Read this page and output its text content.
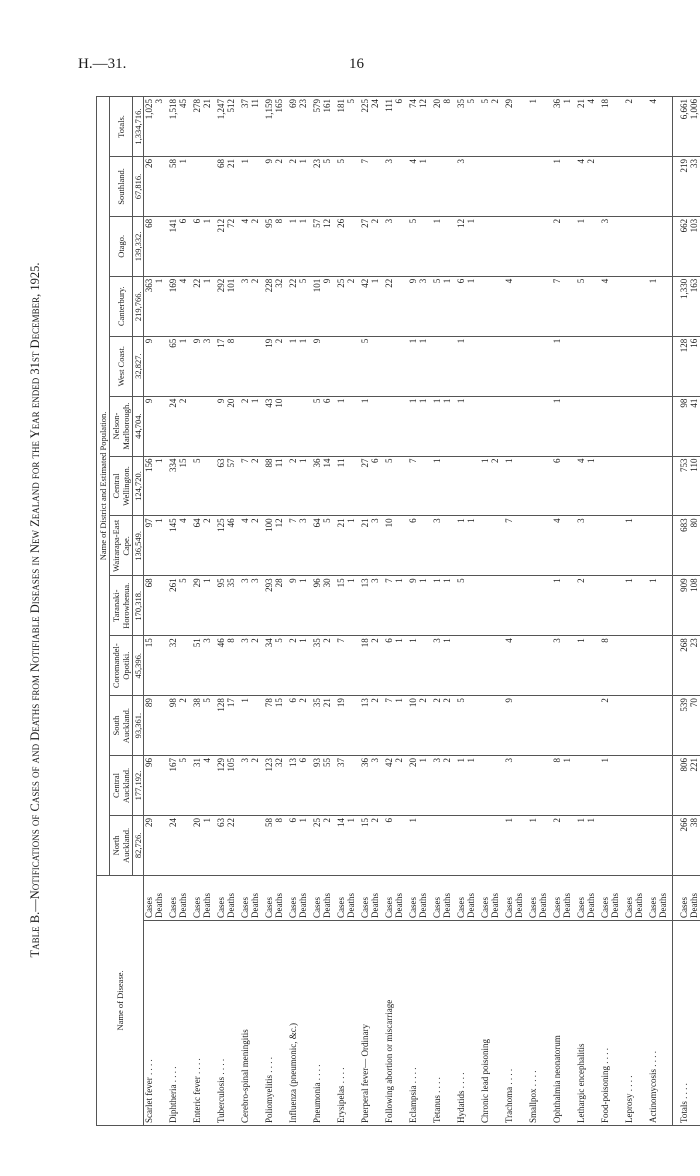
H.—31.	16
Table B.—Notifications of Cases of and Deaths from Notifiable Diseases in New Zealand for the Year ended 31st December, 1925.
Name of Disease.		Name of District and Estimated Population.												
		North Auckland.	Central Auckland.	South Auckland.	Coromandel-Opotiki.	Taranaki-Horowhenua.	Wairarapa-East Cape.	Central Wellington.	Nelson-Marlborough.	West Coast.	Canterbury.	Otago.	Southland.	Totals.
		82,726.	177,192.	93,361.	45,396.	170,318.	136,549.	124,720.	44,704.	32,827.	219,766.	139,332.	67,816.	1,334,716.
Scarlet fever . . . .	Cases Deaths	29	96	89	15	68	97 1	156 1	9	9	363 1	68	26	1,025 3

Diphtheria . . . .	Cases Deaths	24	167 5	98 2	32	261 5	145 4	334 15	24 2	65 1	169 4	141 6	58 1	1,518 45

Enteric fever . . . .	Cases Deaths	20 1	31 4	38 5	51 3	29 1	64 2	5		9 3	22 1	6 1		278 21

Tuberculosis . . . .	Cases Deaths	63 22	129 105	128 17	46 8	95 35	125 46	63 57	9 20	17 8	292 101	212 72	68 21	1,247 512

Cerebro-spinal meningitis	Cases Deaths		3 2	1	3 2	3 3	4 2	7 2	2 1		3 2	4 2	1	37 11

Poliomyelitis . . . .	Cases Deaths	58 8	123 32	78 15	34 5	293 28	100 12	88 11	43 10	19 2	228 32	95 8	9 2	1,159 165

Influenza (pneumonic, &c.)	Cases Deaths	6 1	13 6	6 2	2 1	9 1	7 3	2 1		1 1	22 5	1 1	2 1	69 23

Pneumonia . . . .	Cases Deaths	25 2	93 55	35 21	35 2	96 30	64 5	36 14	5 6	9	101 9	57 12	23 5	579 161

Erysipelas . . . .	Cases Deaths	14 1	37	19	7	15 1	21 1	11	1		25 2	26	5	181 5

Puerperal fever— Ordinary	Cases Deaths	15 2	36 3	13 2	18 2	13 3	21 3	27 6	1	5	42 1	27 2	7	225 24

Following abortion or miscarriage	Cases Deaths	6	42 2	7 1	6 1	7 1	10	5			22	3	3	111 6

Eclampsia . . . .	Cases Deaths	1	20 1	10 2	1	9 1	6	7	1 1	1 1	9 3	5	4 1	74 12

Tetanus . . . .	Cases Deaths		3 2	2 2	3 1	1 1	3	1	1 1		5 1	1		20 8

Hydatids . . . .	Cases Deaths		1 1	5		5	1 1		1	1	6 1	12 1	3	35 5

Chronic lead poisoning	Cases Deaths							1 2						5 2

Trachoma . . . .	Cases Deaths	1	3	9	4		7	1			4			29

Smallpox . . . .	Cases Deaths	1												1

Ophthalmia neonatorum	Cases Deaths	2	8 1		3	1	4	6	1	1	7	2	1	36 1

Lethargic encephalitis	Cases Deaths	1 1			1	2	3	4 1			5	1	4 2	21 4

Food-poisoning . . . .	Cases Deaths		1	2	8						4	3		18

Leprosy . . . .	Cases Deaths					1	1							2

Actinomycosis . . . .	Cases Deaths					1					1			4

Totals . . . .	Cases Deaths	266 38	806 221	539 70	268 23	909 108	683 80	753 110	98 41	128 16	1,330 163	662 103	219 33	6,661 1,006
